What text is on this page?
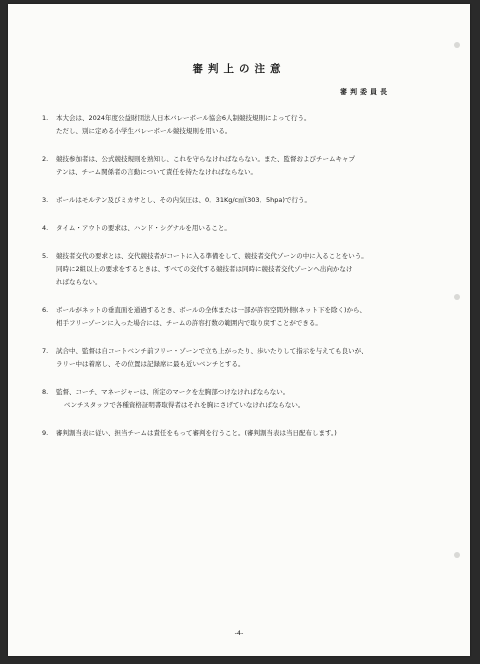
審判上の注意
審判委員長
1. 本大会は、2024年度公益財団法人日本バレーボール協会6人制競技規則によって行う。
ただし、別に定める小学生バレーボール競技規則を用いる。
2. 競技参加者は、公式競技規則を熟知し、これを守らなければならない。また、監督およびチームキャプ
テンは、チーム関係者の言動について責任を持たなければならない。
3. ボールはモルテン及びミカサとし、その内気圧は、0．31Kg/c㎡(303．5hpa)で行う。
4. タイム・アウトの要求は、ハンド・シグナルを用いること。
5. 競技者交代の要求とは、交代競技者がコートに入る準備をして、競技者交代ゾーンの中に入ることをいう。
同時に2組以上の要求をするときは、すべての交代する競技者は同時に競技者交代ゾーンへ出向かなけ
ればならない。
6. ボールがネットの垂直面を通過するとき、ボールの全体または一部が許容空間外側(ネット下を除く)から、
相手フリーゾーンに入った場合には、チームの許容打数の範囲内で取り戻すことができる。
7. 試合中、監督は自コートベンチ前フリー・ゾーンで立ち上がったり、歩いたりして指示を与えても良いが、
ラリー中は着席し、その位置は記録席に最も近いベンチとする。
8. 監督、コーチ、マネージャーは、所定のマークを左胸部つけなければならない。
ベンチスタッフで各種資格証明書取得者はそれを胸にさげていなければならない。
9. 審判割当表に従い、担当チームは責任をもって審判を行うこと。(審判割当表は当日配布します。)
-4-
